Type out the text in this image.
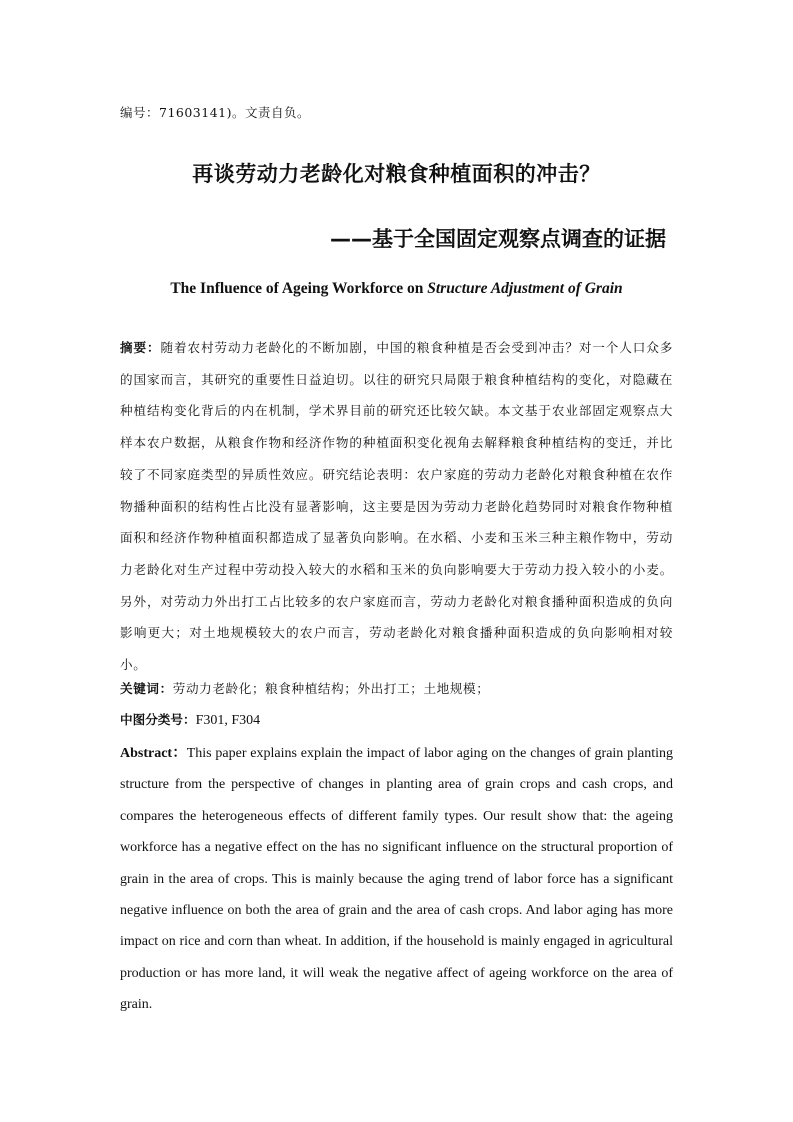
编号：71603141)。文责自负。
再谈劳动力老龄化对粮食种植面积的冲击？
——基于全国固定观察点调查的证据
The Influence of Ageing Workforce on Structure Adjustment of Grain
摘要：随着农村劳动力老龄化的不断加剧，中国的粮食种植是否会受到冲击？对一个人口众多的国家而言，其研究的重要性日益迫切。以往的研究只局限于粮食种植结构的变化，对隐藏在种植结构变化背后的内在机制，学术界目前的研究还比较欠缺。本文基于农业部固定观察点大样本农户数据，从粮食作物和经济作物的种植面积变化视角去解释粮食种植结构的变迁，并比较了不同家庭类型的异质性效应。研究结论表明：农户家庭的劳动力老龄化对粮食种植在农作物播种面积的结构性占比没有显著影响，这主要是因为劳动力老龄化趋势同时对粮食作物种植面积和经济作物种植面积都造成了显著负向影响。在水稻、小麦和玉米三种主粮作物中，劳动力老龄化对生产过程中劳动投入较大的水稻和玉米的负向影响要大于劳动力投入较小的小麦。另外，对劳动力外出打工占比较多的农户家庭而言，劳动力老龄化对粮食播种面积造成的负向影响更大；对土地规模较大的农户而言，劳动老龄化对粮食播种面积造成的负向影响相对较小。
关键词：劳动力老龄化；粮食种植结构；外出打工；土地规模；
中图分类号：F301, F304
Abstract：This paper explains explain the impact of labor aging on the changes of grain planting structure from the perspective of changes in planting area of grain crops and cash crops, and compares the heterogeneous effects of different family types. Our result show that: the ageing workforce has a negative effect on the has no significant influence on the structural proportion of grain in the area of crops. This is mainly because the aging trend of labor force has a significant negative influence on both the area of grain and the area of cash crops. And labor aging has more impact on rice and corn than wheat. In addition, if the household is mainly engaged in agricultural production or has more land, it will weak the negative affect of ageing workforce on the area of grain.
